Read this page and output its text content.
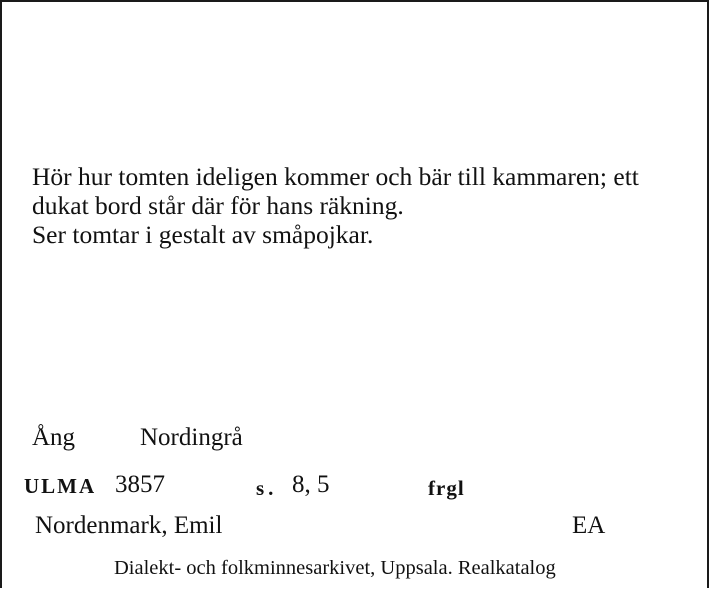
Hör hur tomten ideligen kommer och bär till kammaren; ett
dukat bord står där för hans räkning.
Ser tomtar i gestalt av småpojkar.
Ång	Nordingrå
ULMA 3857	s. 8, 5	frgl
Nordenmark, Emil	EA
Dialekt- och folkminnesarkivet, Uppsala. Realkatalog
